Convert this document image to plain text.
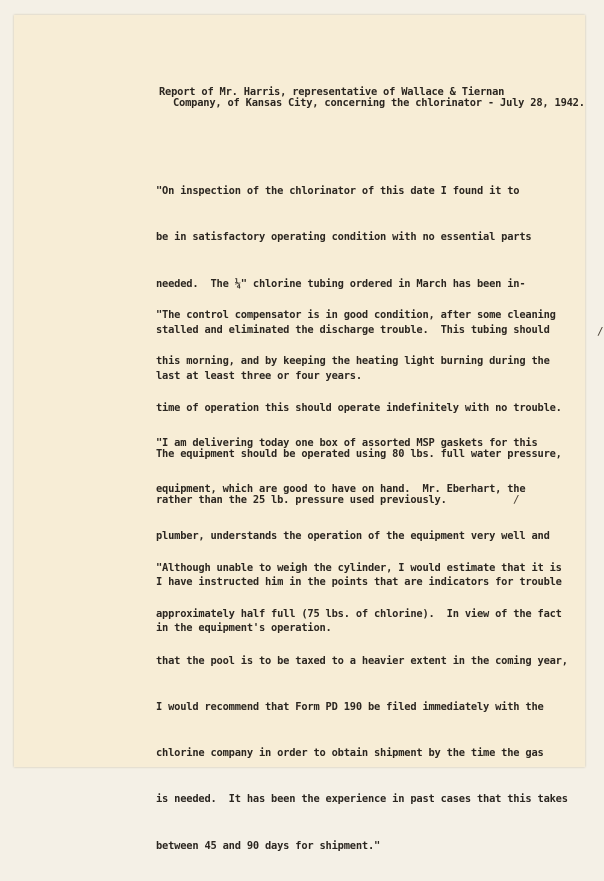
Report of Mr. Harris, representative of Wallace & Tiernan

Company, of Kansas City, concerning the chlorinator - July 28, 1942.

"On inspection of the chlorinator of this date I found it to

be in satisfactory operating condition with no essential parts

needed.  The ¼" chlorine tubing ordered in March has been in-

stalled and eliminated the discharge trouble.  This tubing should

last at least three or four years.

"The control compensator is in good condition, after some cleaning

this morning, and by keeping the heating light burning during the

time of operation this should operate indefinitely with no trouble.

The equipment should be operated using 80 lbs. full water pressure,

rather than the 25 lb. pressure used previously.

"I am delivering today one box of assorted MSP gaskets for this

equipment, which are good to have on hand.  Mr. Eberhart, the

plumber, understands the operation of the equipment very well and

I have instructed him in the points that are indicators for trouble

in the equipment's operation.

"Although unable to weigh the cylinder, I would estimate that it is

approximately half full (75 lbs. of chlorine).  In view of the fact

that the pool is to be taxed to a heavier extent in the coming year,

I would recommend that Form PD 190 be filed immediately with the

chlorine company in order to obtain shipment by the time the gas

is needed.  It has been the experience in past cases that this takes

between 45 and 90 days for shipment."

/
/
